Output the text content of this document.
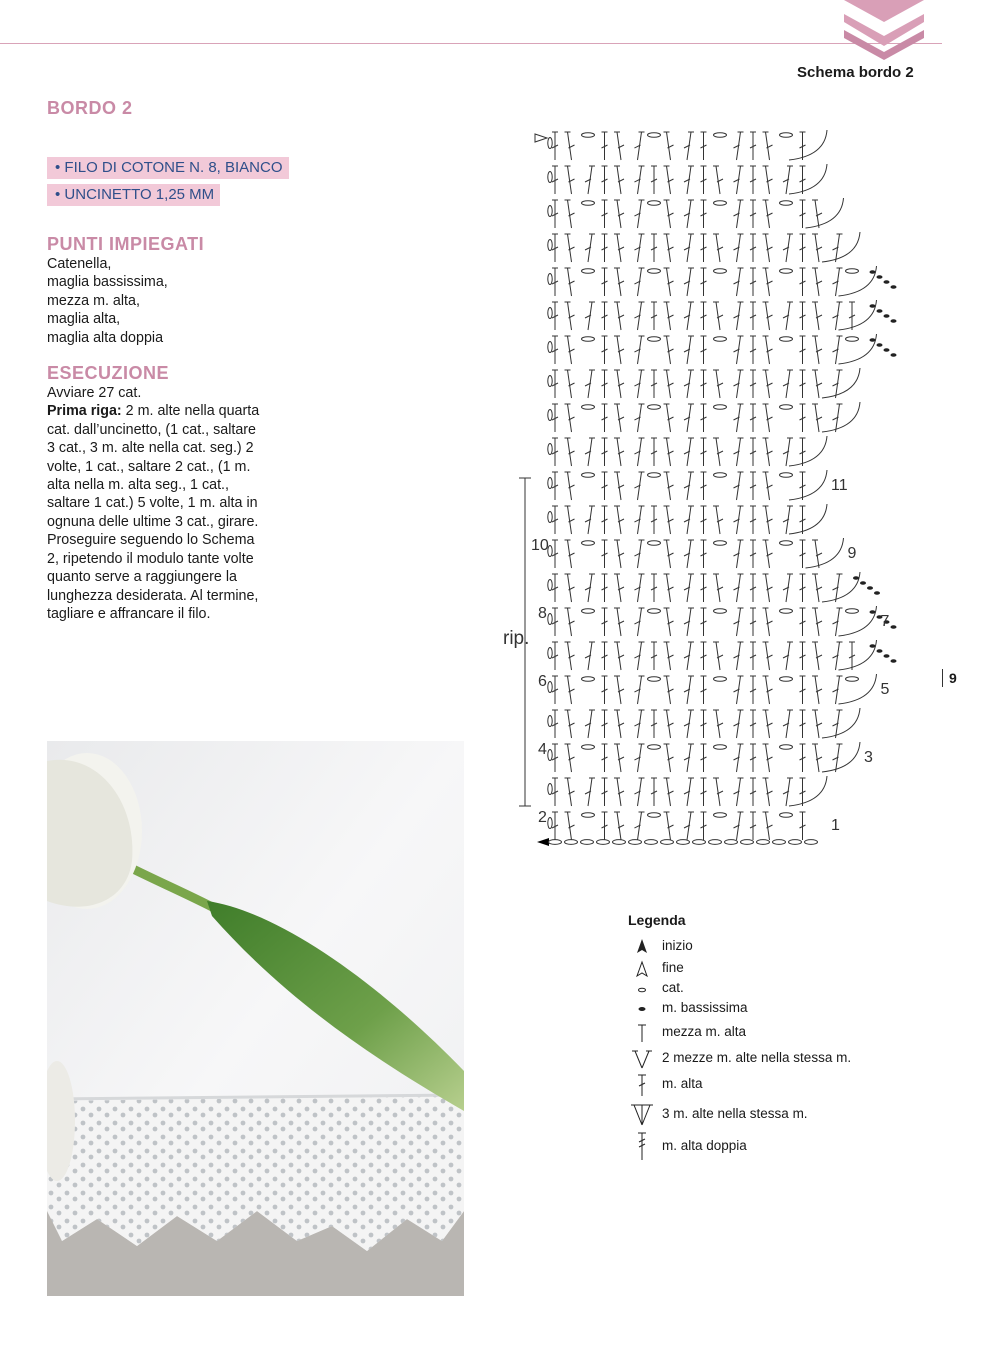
Schema bordo 2
9
BORDO 2
• FILO DI COTONE N. 8, BIANCO
• UNCINETTO 1,25 MM
PUNTI IMPIEGATI

Catenella,
maglia bassissima,
mezza m. alta,
maglia alta,
maglia alta doppia

ESECUZIONE

Avviare 27 cat.
Prima riga: 2 m. alte nella quarta cat. dall’uncinetto, (1 cat., saltare 3 cat., 3 m. alte nella cat. seg.) 2 volte, 1 cat., saltare 2 cat., (1 m. alta nella m. alta seg., 1 cat., saltare 1 cat.) 5 volte, 1 m. alta in ognuna delle ultime 3 cat., girare.
Proseguire seguendo lo Schema 2, ripetendo il modulo tante volte quanto serve a raggiungere la lunghezza desiderata. Al termine, tagliare e affrancare il filo.

rip.
1
3
5
7
9
11
2
4
6
8
10

Legenda

inizio
fine
cat.
m. bassissima
mezza m. alta
2 mezze m. alte nella stessa m.
m. alta
3 m. alte nella stessa m.
m. alta doppia
